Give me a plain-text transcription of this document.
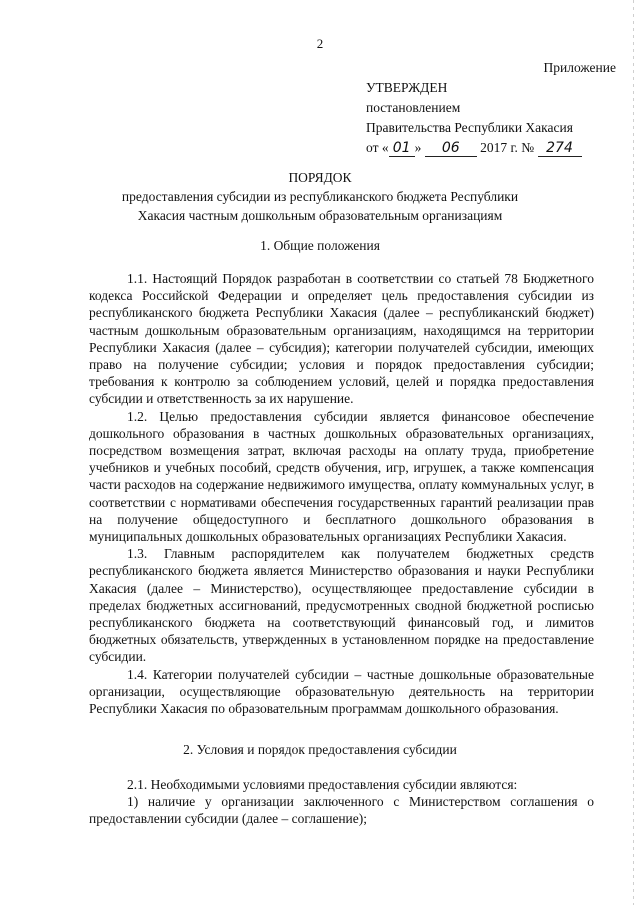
2
Приложение
УТВЕРЖДЕН
постановлением
Правительства Республики Хакасия
от « 01 » 06 2017 г. № 274
ПОРЯДОК
предоставления субсидии из республиканского бюджета Республики
Хакасия частным дошкольным образовательным организациям
1. Общие положения

1.1. Настоящий Порядок разработан в соответствии со статьей 78 Бюджетного кодекса Российской Федерации и определяет цель предоставления субсидии из республиканского бюджета Республики Хакасия (далее – республиканский бюджет) частным дошкольным образовательным организациям, находящимся на территории Республики Хакасия (далее – субсидия); категории получателей субсидии, имеющих право на получение субсидии; условия и порядок предоставления субсидии; требования к контролю за соблюдением условий, целей и порядка предоставления субсидии и ответственность за их нарушение.

1.2. Целью предоставления субсидии является финансовое обеспечение дошкольного образования в частных дошкольных образовательных организациях, посредством возмещения затрат, включая расходы на оплату труда, приобретение учебников и учебных пособий, средств обучения, игр, игрушек, а также компенсация части расходов на содержание недвижимого имущества, оплату коммунальных услуг, в соответствии с нормативами обеспечения государственных гарантий реализации прав на получение общедоступного и бесплатного дошкольного образования в муниципальных дошкольных образовательных организациях Республики Хакасия.

1.3. Главным распорядителем как получателем бюджетных средств республиканского бюджета является Министерство образования и науки Республики Хакасия (далее – Министерство), осуществляющее предоставление субсидии в пределах бюджетных ассигнований, предусмотренных сводной бюджетной росписью республиканского бюджета на соответствующий финансовый год, и лимитов бюджетных обязательств, утвержденных в установленном порядке на предоставление субсидии.

1.4. Категории получателей субсидии – частные дошкольные образовательные организации, осуществляющие образовательную деятельность на территории Республики Хакасия по образовательным программам дошкольного образования.

2. Условия и порядок предоставления субсидии

2.1. Необходимыми условиями предоставления субсидии являются:

1) наличие у организации заключенного с Министерством соглашения о предоставлении субсидии (далее – соглашение);
